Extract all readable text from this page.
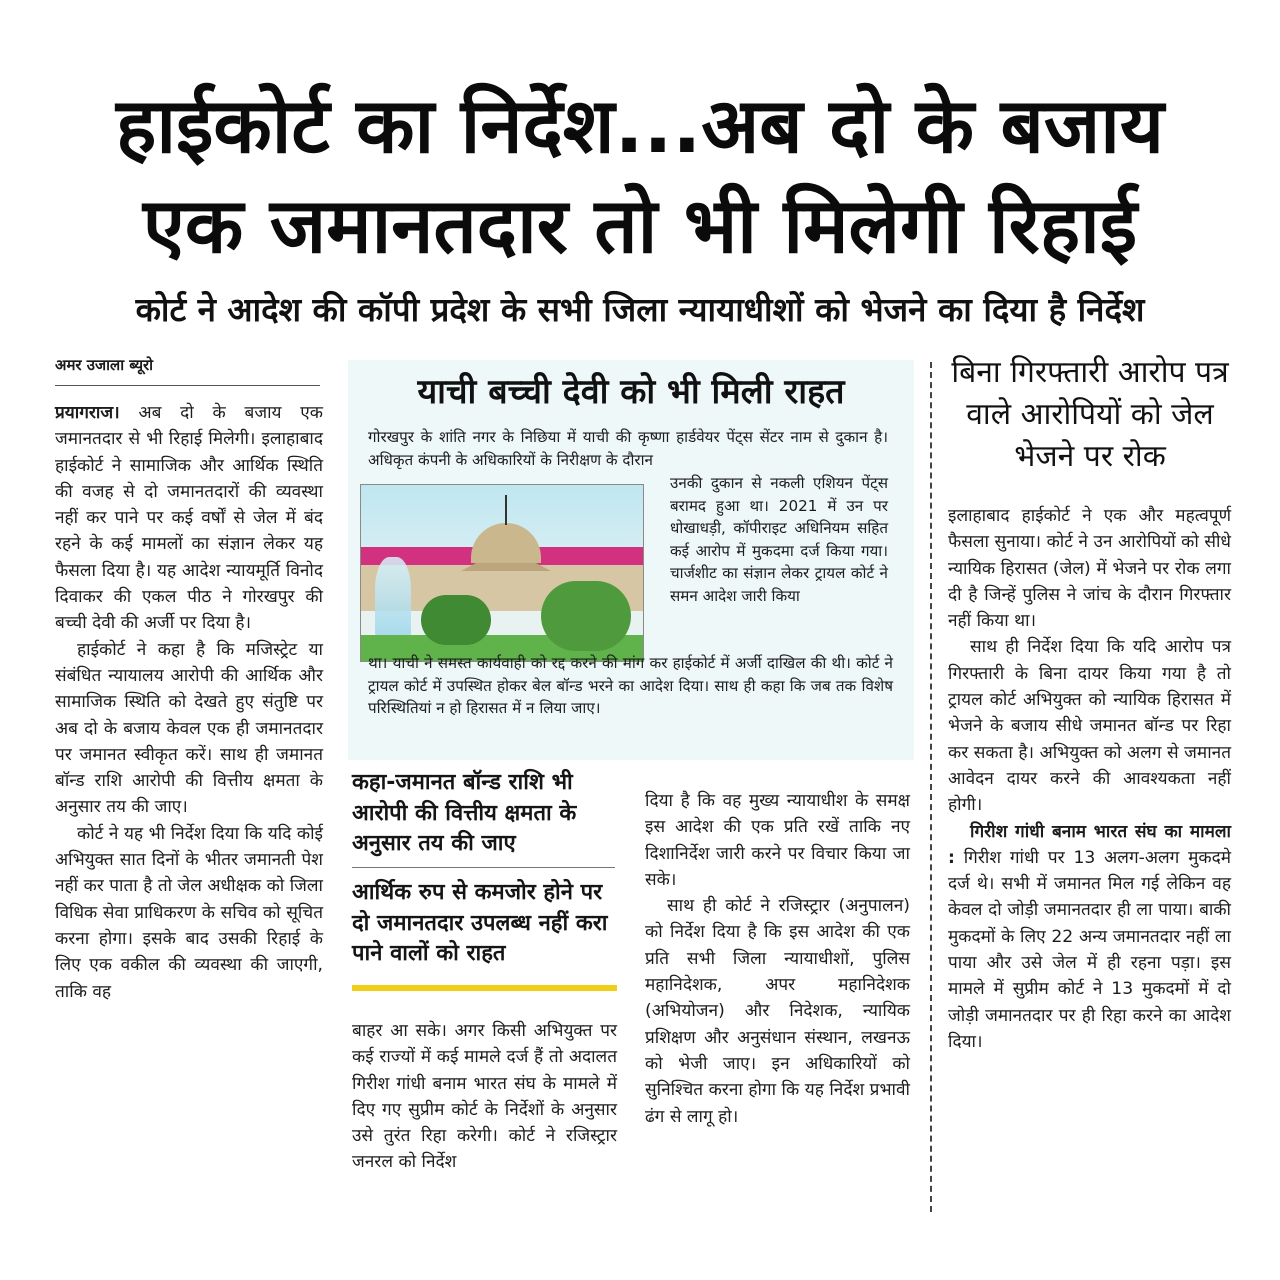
हाईकोर्ट का निर्देश...अब दो के बजाय
एक जमानतदार तो भी मिलेगी रिहाई
कोर्ट ने आदेश की कॉपी प्रदेश के सभी जिला न्यायाधीशों को भेजने का दिया है निर्देश
अमर उजाला ब्यूरो

प्रयागराज। अब दो के बजाय एक जमानतदार से भी रिहाई मिलेगी। इलाहाबाद हाईकोर्ट ने सामाजिक और आर्थिक स्थिति की वजह से दो जमानतदारों की व्यवस्था नहीं कर पाने पर कई वर्षों से जेल में बंद रहने के कई मामलों का संज्ञान लेकर यह फैसला दिया है। यह आदेश न्यायमूर्ति विनोद दिवाकर की एकल पीठ ने गोरखपुर की बच्ची देवी की अर्जी पर दिया है।

हाईकोर्ट ने कहा है कि मजिस्ट्रेट या संबंधित न्यायालय आरोपी की आर्थिक और सामाजिक स्थिति को देखते हुए संतुष्टि पर अब दो के बजाय केवल एक ही जमानतदार पर जमानत स्वीकृत करें। साथ ही जमानत बॉन्ड राशि आरोपी की वित्तीय क्षमता के अनुसार तय की जाए।

कोर्ट ने यह भी निर्देश दिया कि यदि कोई अभियुक्त सात दिनों के भीतर जमानती पेश नहीं कर पाता है तो जेल अधीक्षक को जिला विधिक सेवा प्राधिकरण के सचिव को सूचित करना होगा। इसके बाद उसकी रिहाई के लिए एक वकील की व्यवस्था की जाएगी, ताकि वह

याची बच्ची देवी को भी मिली राहत
गोरखपुर के शांति नगर के निछिया में याची की कृष्णा हार्डवेयर पेंट्स सेंटर नाम से दुकान है। अधिकृत कंपनी के अधिकारियों के निरीक्षण के दौरान
उनकी दुकान से नकली एशियन पेंट्स बरामद हुआ था। 2021 में उन पर धोखाधड़ी, कॉपीराइट अधिनियम सहित कई आरोप में मुकदमा दर्ज किया गया। चार्जशीट का संज्ञान लेकर ट्रायल कोर्ट ने समन आदेश जारी किया
था। याची ने समस्त कार्यवाही को रद्द करने की मांग कर हाईकोर्ट में अर्जी दाखिल की थी। कोर्ट ने ट्रायल कोर्ट में उपस्थित होकर बेल बॉन्ड भरने का आदेश दिया। साथ ही कहा कि जब तक विशेष परिस्थितियां न हो हिरासत में न लिया जाए।
कहा-जमानत बॉन्ड राशि भी आरोपी की वित्तीय क्षमता के अनुसार तय की जाए
आर्थिक रुप से कमजोर होने पर दो जमानतदार उपलब्ध नहीं करा पाने वालों को राहत

बाहर आ सके। अगर किसी अभियुक्त पर कई राज्यों में कई मामले दर्ज हैं तो अदालत गिरीश गांधी बनाम भारत संघ के मामले में दिए गए सुप्रीम कोर्ट के निर्देशों के अनुसार उसे तुरंत रिहा करेगी। कोर्ट ने रजिस्ट्रार जनरल को निर्देश

दिया है कि वह मुख्य न्यायाधीश के समक्ष इस आदेश की एक प्रति रखें ताकि नए दिशानिर्देश जारी करने पर विचार किया जा सके।

साथ ही कोर्ट ने रजिस्ट्रार (अनुपालन) को निर्देश दिया है कि इस आदेश की एक प्रति सभी जिला न्यायाधीशों, पुलिस महानिदेशक, अपर महानिदेशक (अभियोजन) और निदेशक, न्यायिक प्रशिक्षण और अनुसंधान संस्थान, लखनऊ को भेजी जाए। इन अधिकारियों को सुनिश्चित करना होगा कि यह निर्देश प्रभावी ढंग से लागू हो।

बिना गिरफ्तारी आरोप पत्र वाले आरोपियों को जेल भेजने पर रोक

इलाहाबाद हाईकोर्ट ने एक और महत्वपूर्ण फैसला सुनाया। कोर्ट ने उन आरोपियों को सीधे न्यायिक हिरासत (जेल) में भेजने पर रोक लगा दी है जिन्हें पुलिस ने जांच के दौरान गिरफ्तार नहीं किया था।

साथ ही निर्देश दिया कि यदि आरोप पत्र गिरफ्तारी के बिना दायर किया गया है तो ट्रायल कोर्ट अभियुक्त को न्यायिक हिरासत में भेजने के बजाय सीधे जमानत बॉन्ड पर रिहा कर सकता है। अभियुक्त को अलग से जमानत आवेदन दायर करने की आवश्यकता नहीं होगी।

गिरीश गांधी बनाम भारत संघ का मामला : गिरीश गांधी पर 13 अलग-अलग मुकदमे दर्ज थे। सभी में जमानत मिल गई लेकिन वह केवल दो जोड़ी जमानतदार ही ला पाया। बाकी मुकदमों के लिए 22 अन्य जमानतदार नहीं ला पाया और उसे जेल में ही रहना पड़ा। इस मामले में सुप्रीम कोर्ट ने 13 मुकदमों में दो जोड़ी जमानतदार पर ही रिहा करने का आदेश दिया।
